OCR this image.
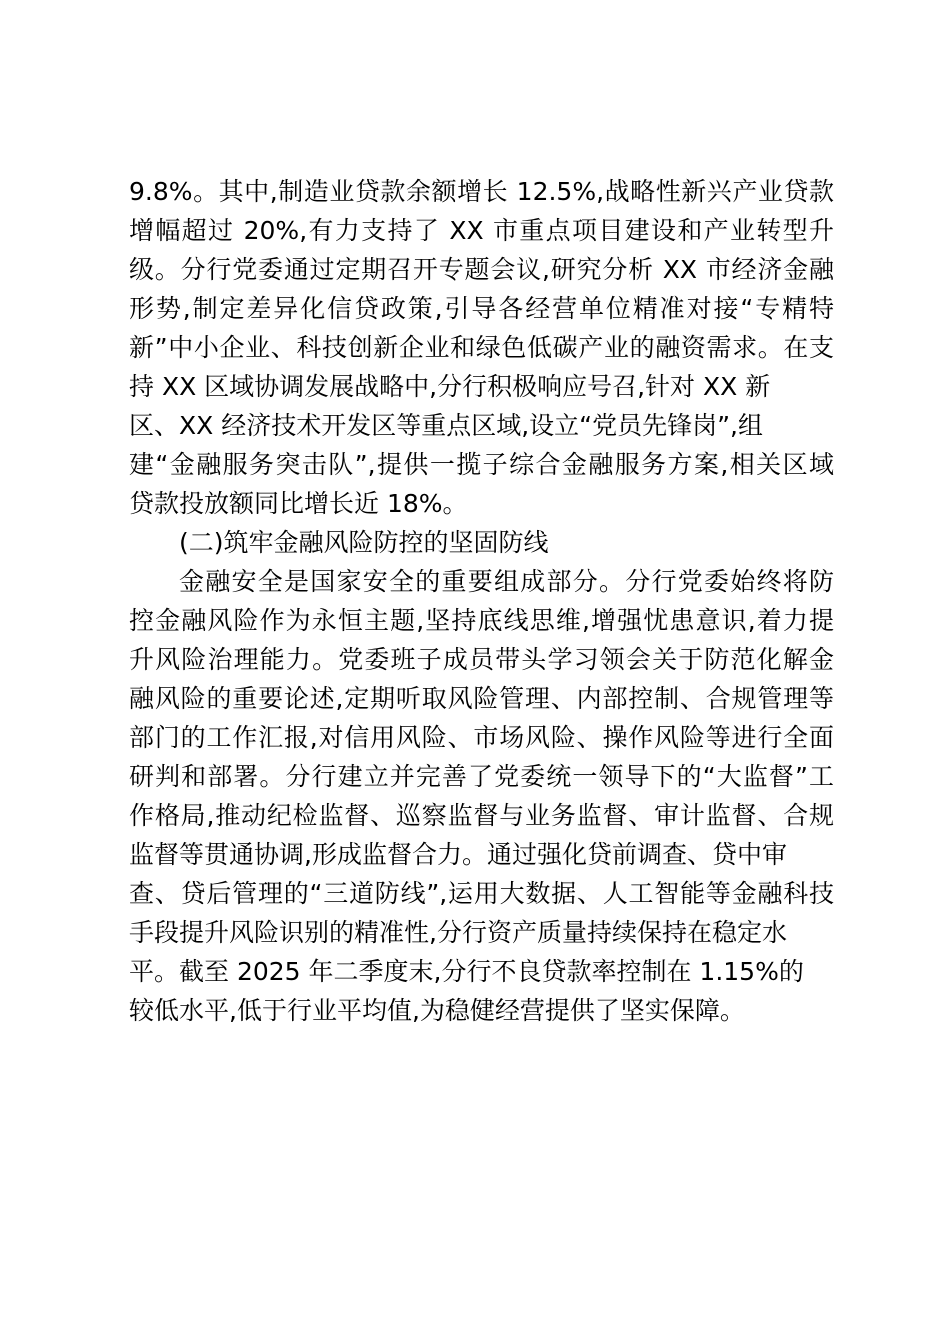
9.8%。其中,制造业贷款余额增长 12.5%,战略性新兴产业贷款
增幅超过 20%,有力支持了 XX 市重点项目建设和产业转型升
级。分行党委通过定期召开专题会议,研究分析 XX 市经济金融
形势,制定差异化信贷政策,引导各经营单位精准对接“专精特
新”中小企业、科技创新企业和绿色低碳产业的融资需求。在支
持 XX 区域协调发展战略中,分行积极响应号召,针对 XX 新
区、XX 经济技术开发区等重点区域,设立“党员先锋岗”,组
建“金融服务突击队”,提供一揽子综合金融服务方案,相关区域
贷款投放额同比增长近 18%。
(二)筑牢金融风险防控的坚固防线
金融安全是国家安全的重要组成部分。分行党委始终将防
控金融风险作为永恒主题,坚持底线思维,增强忧患意识,着力提
升风险治理能力。党委班子成员带头学习领会关于防范化解金
融风险的重要论述,定期听取风险管理、内部控制、合规管理等
部门的工作汇报,对信用风险、市场风险、操作风险等进行全面
研判和部署。分行建立并完善了党委统一领导下的“大监督”工
作格局,推动纪检监督、巡察监督与业务监督、审计监督、合规
监督等贯通协调,形成监督合力。通过强化贷前调查、贷中审
查、贷后管理的“三道防线”,运用大数据、人工智能等金融科技
手段提升风险识别的精准性,分行资产质量持续保持在稳定水
平。截至 2025 年二季度末,分行不良贷款率控制在 1.15%的
较低水平,低于行业平均值,为稳健经营提供了坚实保障。
